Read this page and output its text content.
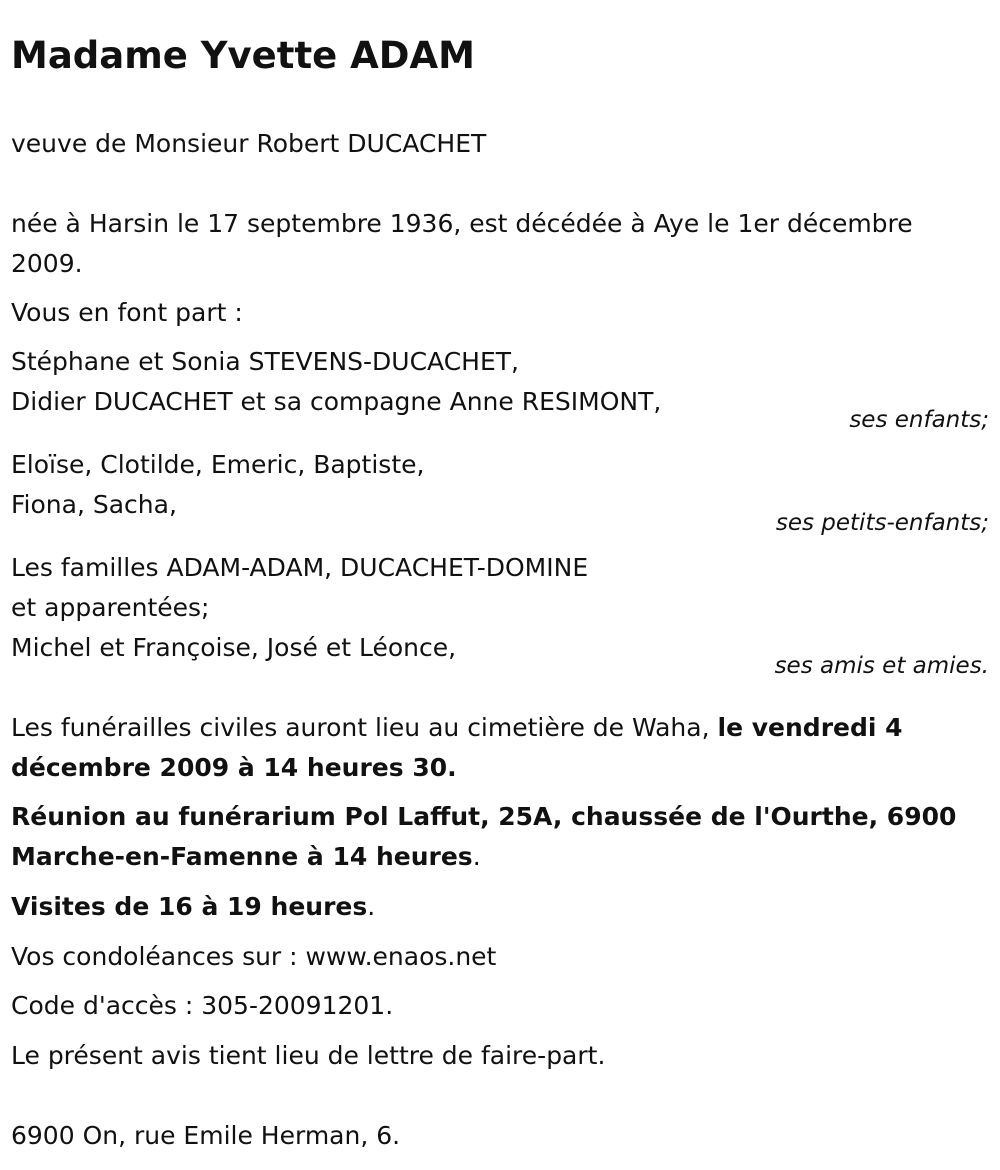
Madame Yvette ADAM

veuve de Monsieur Robert DUCACHET

née à Harsin le 17 septembre 1936, est décédée à Aye le 1er décembre 2009.

Vous en font part :

Stéphane et Sonia STEVENS-DUCACHET,
Didier DUCACHET et sa compagne Anne RESIMONT,
ses enfants;
Eloïse, Clotilde, Emeric, Baptiste,
Fiona, Sacha,
ses petits-enfants;
Les familles ADAM-ADAM, DUCACHET-DOMINE
et apparentées;
Michel et Françoise, José et Léonce,
ses amis et amies.
Les funérailles civiles auront lieu au cimetière de Waha, le vendredi 4
décembre 2009 à 14 heures 30.
Réunion au funérarium Pol Laffut, 25A, chaussée de l'Ourthe, 6900
Marche-en-Famenne à 14 heures.

Visites de 16 à 19 heures.

Vos condoléances sur : www.enaos.net

Code d'accès : 305-20091201.

Le présent avis tient lieu de lettre de faire-part.

6900 On, rue Emile Herman, 6.
